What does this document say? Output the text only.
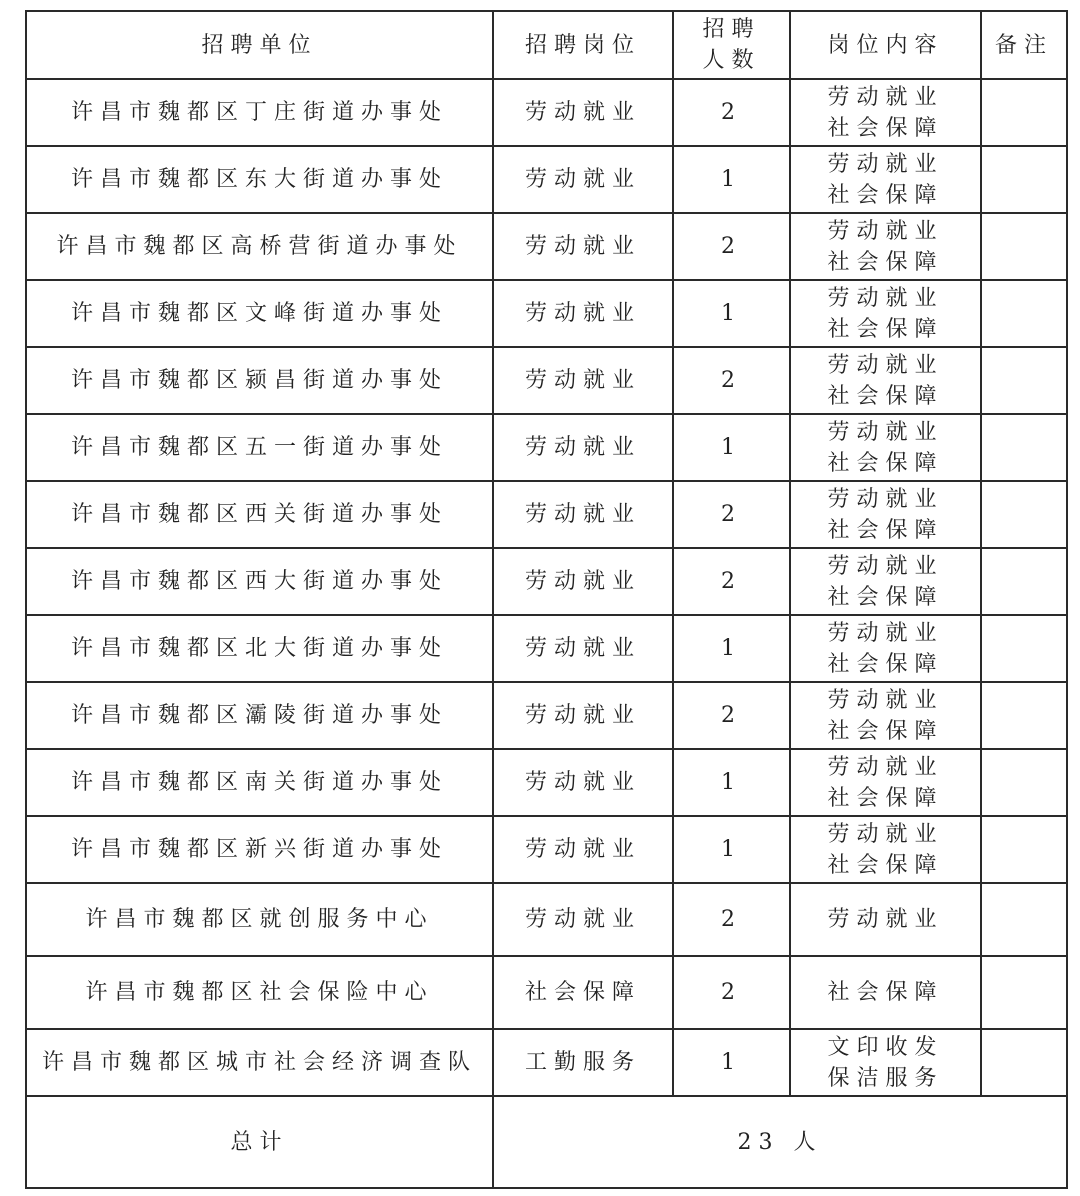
招聘单位	招聘岗位	招聘
人数	岗位内容	备注
许昌市魏都区丁庄街道办事处	劳动就业	2	劳动就业
社会保障	

许昌市魏都区东大街道办事处	劳动就业	1	劳动就业
社会保障	

许昌市魏都区高桥营街道办事处	劳动就业	2	劳动就业
社会保障	

许昌市魏都区文峰街道办事处	劳动就业	1	劳动就业
社会保障	

许昌市魏都区颍昌街道办事处	劳动就业	2	劳动就业
社会保障	

许昌市魏都区五一街道办事处	劳动就业	1	劳动就业
社会保障	

许昌市魏都区西关街道办事处	劳动就业	2	劳动就业
社会保障	

许昌市魏都区西大街道办事处	劳动就业	2	劳动就业
社会保障	

许昌市魏都区北大街道办事处	劳动就业	1	劳动就业
社会保障	

许昌市魏都区灞陵街道办事处	劳动就业	2	劳动就业
社会保障	

许昌市魏都区南关街道办事处	劳动就业	1	劳动就业
社会保障	

许昌市魏都区新兴街道办事处	劳动就业	1	劳动就业
社会保障	

许昌市魏都区就创服务中心	劳动就业	2	劳动就业	

许昌市魏都区社会保险中心	社会保障	2	社会保障	

许昌市魏都区城市社会经济调查队	工勤服务	1	文印收发
保洁服务	

总计	23 人			
